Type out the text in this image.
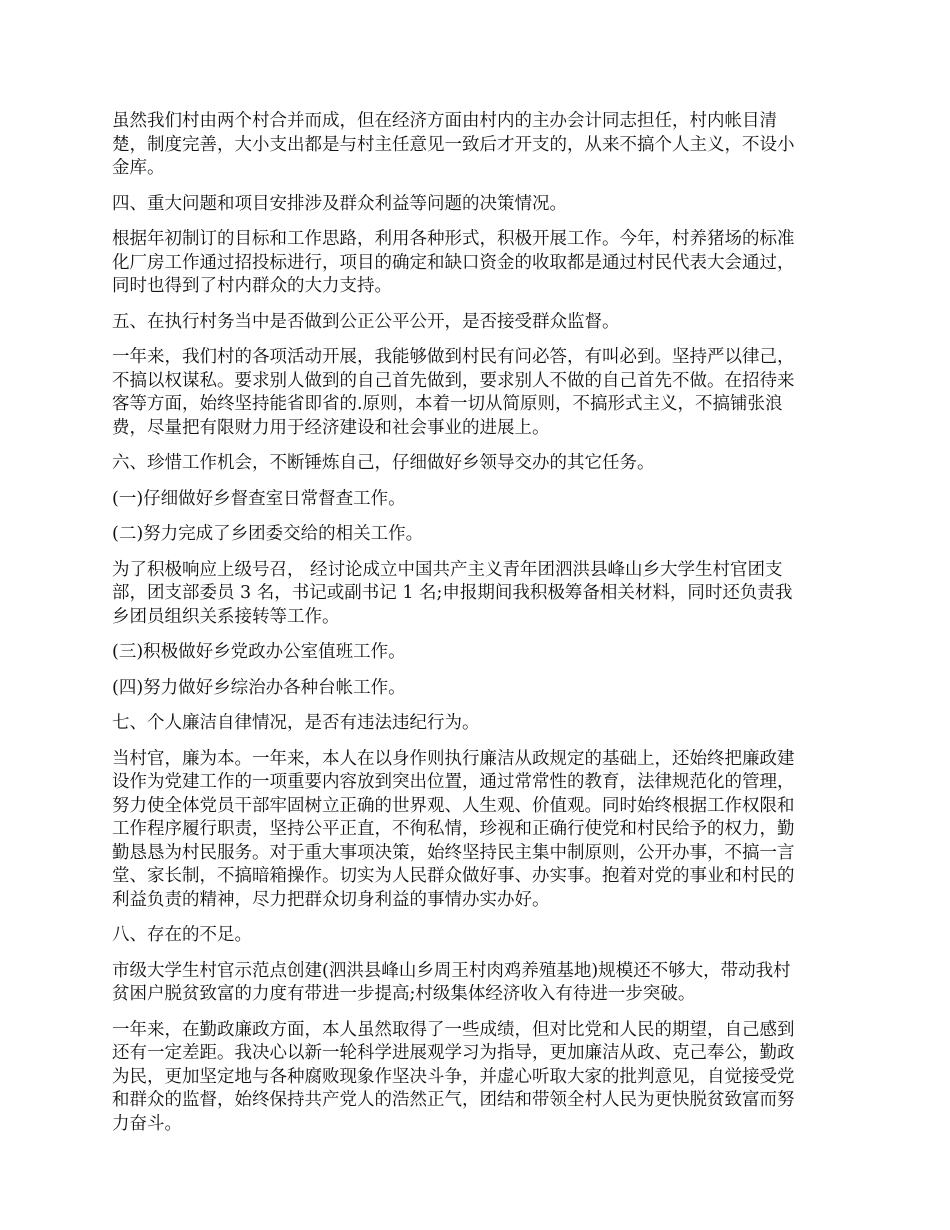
虽然我们村由两个村合并而成，但在经济方面由村内的主办会计同志担任，村内帐目清
楚，制度完善，大小支出都是与村主任意见一致后才开支的，从来不搞个人主义，不设小
金库。

四、重大问题和项目安排涉及群众利益等问题的决策情况。

根据年初制订的目标和工作思路，利用各种形式，积极开展工作。今年，村养猪场的标准
化厂房工作通过招投标进行，项目的确定和缺口资金的收取都是通过村民代表大会通过，
同时也得到了村内群众的大力支持。

五、在执行村务当中是否做到公正公平公开，是否接受群众监督。

一年来，我们村的各项活动开展，我能够做到村民有问必答，有叫必到。坚持严以律己，
不搞以权谋私。要求别人做到的自己首先做到，要求别人不做的自己首先不做。在招待来
客等方面，始终坚持能省即省的.原则，本着一切从简原则，不搞形式主义，不搞铺张浪
费，尽量把有限财力用于经济建设和社会事业的进展上。

六、珍惜工作机会，不断锤炼自己，仔细做好乡领导交办的其它任务。

(一)仔细做好乡督查室日常督查工作。

(二)努力完成了乡团委交给的相关工作。

为了积极响应上级号召， 经讨论成立中国共产主义青年团泗洪县峰山乡大学生村官团支
部，团支部委员 3 名，书记或副书记 1 名;申报期间我积极筹备相关材料，同时还负责我
乡团员组织关系接转等工作。

(三)积极做好乡党政办公室值班工作。

(四)努力做好乡综治办各种台帐工作。

七、个人廉洁自律情况，是否有违法违纪行为。

当村官，廉为本。一年来，本人在以身作则执行廉洁从政规定的基础上，还始终把廉政建
设作为党建工作的一项重要内容放到突出位置，通过常常性的教育，法律规范化的管理，
努力使全体党员干部牢固树立正确的世界观、人生观、价值观。同时始终根据工作权限和
工作程序履行职责，坚持公平正直，不徇私情，珍视和正确行使党和村民给予的权力，勤
勤恳恳为村民服务。对于重大事项决策，始终坚持民主集中制原则，公开办事，不搞一言
堂、家长制，不搞暗箱操作。切实为人民群众做好事、办实事。抱着对党的事业和村民的
利益负责的精神，尽力把群众切身利益的事情办实办好。

八、存在的不足。

市级大学生村官示范点创建(泗洪县峰山乡周王村肉鸡养殖基地)规模还不够大，带动我村
贫困户脱贫致富的力度有带进一步提高;村级集体经济收入有待进一步突破。

一年来，在勤政廉政方面，本人虽然取得了一些成绩，但对比党和人民的期望，自己感到
还有一定差距。我决心以新一轮科学进展观学习为指导，更加廉洁从政、克己奉公，勤政
为民，更加坚定地与各种腐败现象作坚决斗争，并虚心听取大家的批判意见，自觉接受党
和群众的监督，始终保持共产党人的浩然正气，团结和带领全村人民为更快脱贫致富而努
力奋斗。
